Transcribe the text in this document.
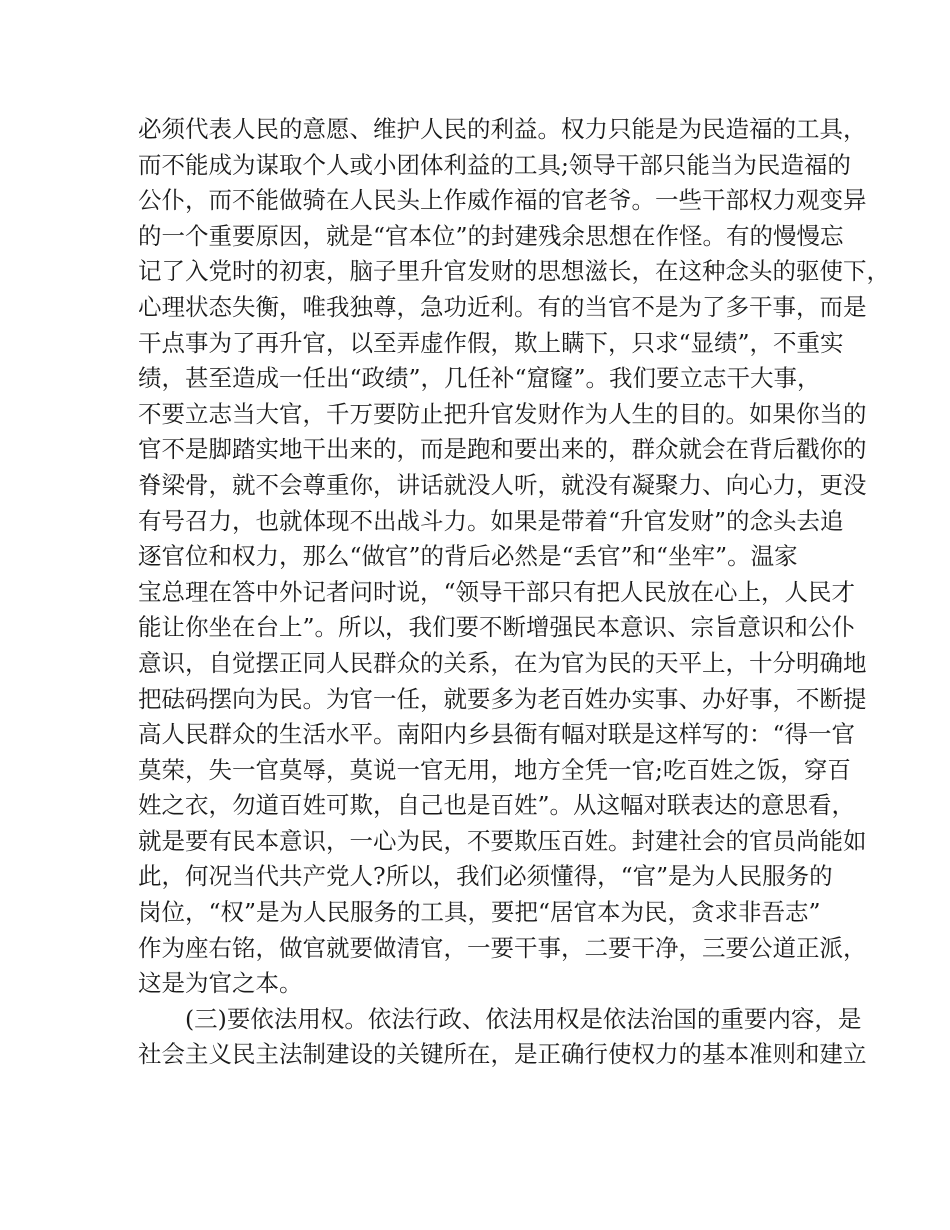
必须代表人民的意愿、维护人民的利益。权力只能是为民造福的工具，
而不能成为谋取个人或小团体利益的工具;领导干部只能当为民造福的
公仆，而不能做骑在人民头上作威作福的官老爷。一些干部权力观变异
的一个重要原因，就是“官本位”的封建残余思想在作怪。有的慢慢忘
记了入党时的初衷，脑子里升官发财的思想滋长，在这种念头的驱使下，
心理状态失衡，唯我独尊，急功近利。有的当官不是为了多干事，而是
干点事为了再升官，以至弄虚作假，欺上瞒下，只求“显绩”，不重实
绩，甚至造成一任出“政绩”，几任补“窟窿”。我们要立志干大事，
不要立志当大官，千万要防止把升官发财作为人生的目的。如果你当的
官不是脚踏实地干出来的，而是跑和要出来的，群众就会在背后戳你的
脊梁骨，就不会尊重你，讲话就没人听，就没有凝聚力、向心力，更没
有号召力，也就体现不出战斗力。如果是带着“升官发财”的念头去追
逐官位和权力，那么“做官”的背后必然是“丢官”和“坐牢”。温家
宝总理在答中外记者问时说，“领导干部只有把人民放在心上，人民才
能让你坐在台上”。所以，我们要不断增强民本意识、宗旨意识和公仆
意识，自觉摆正同人民群众的关系，在为官为民的天平上，十分明确地
把砝码摆向为民。为官一任，就要多为老百姓办实事、办好事，不断提
高人民群众的生活水平。南阳内乡县衙有幅对联是这样写的：“得一官
莫荣，失一官莫辱，莫说一官无用，地方全凭一官;吃百姓之饭，穿百
姓之衣，勿道百姓可欺，自己也是百姓”。从这幅对联表达的意思看，
就是要有民本意识，一心为民，不要欺压百姓。封建社会的官员尚能如
此，何况当代共产党人?所以，我们必须懂得，“官”是为人民服务的
岗位，“权”是为人民服务的工具，要把“居官本为民，贪求非吾志”
作为座右铭，做官就要做清官，一要干事，二要干净，三要公道正派，
这是为官之本。
(三)要依法用权。依法行政、依法用权是依法治国的重要内容，是
社会主义民主法制建设的关键所在，是正确行使权力的基本准则和建立
